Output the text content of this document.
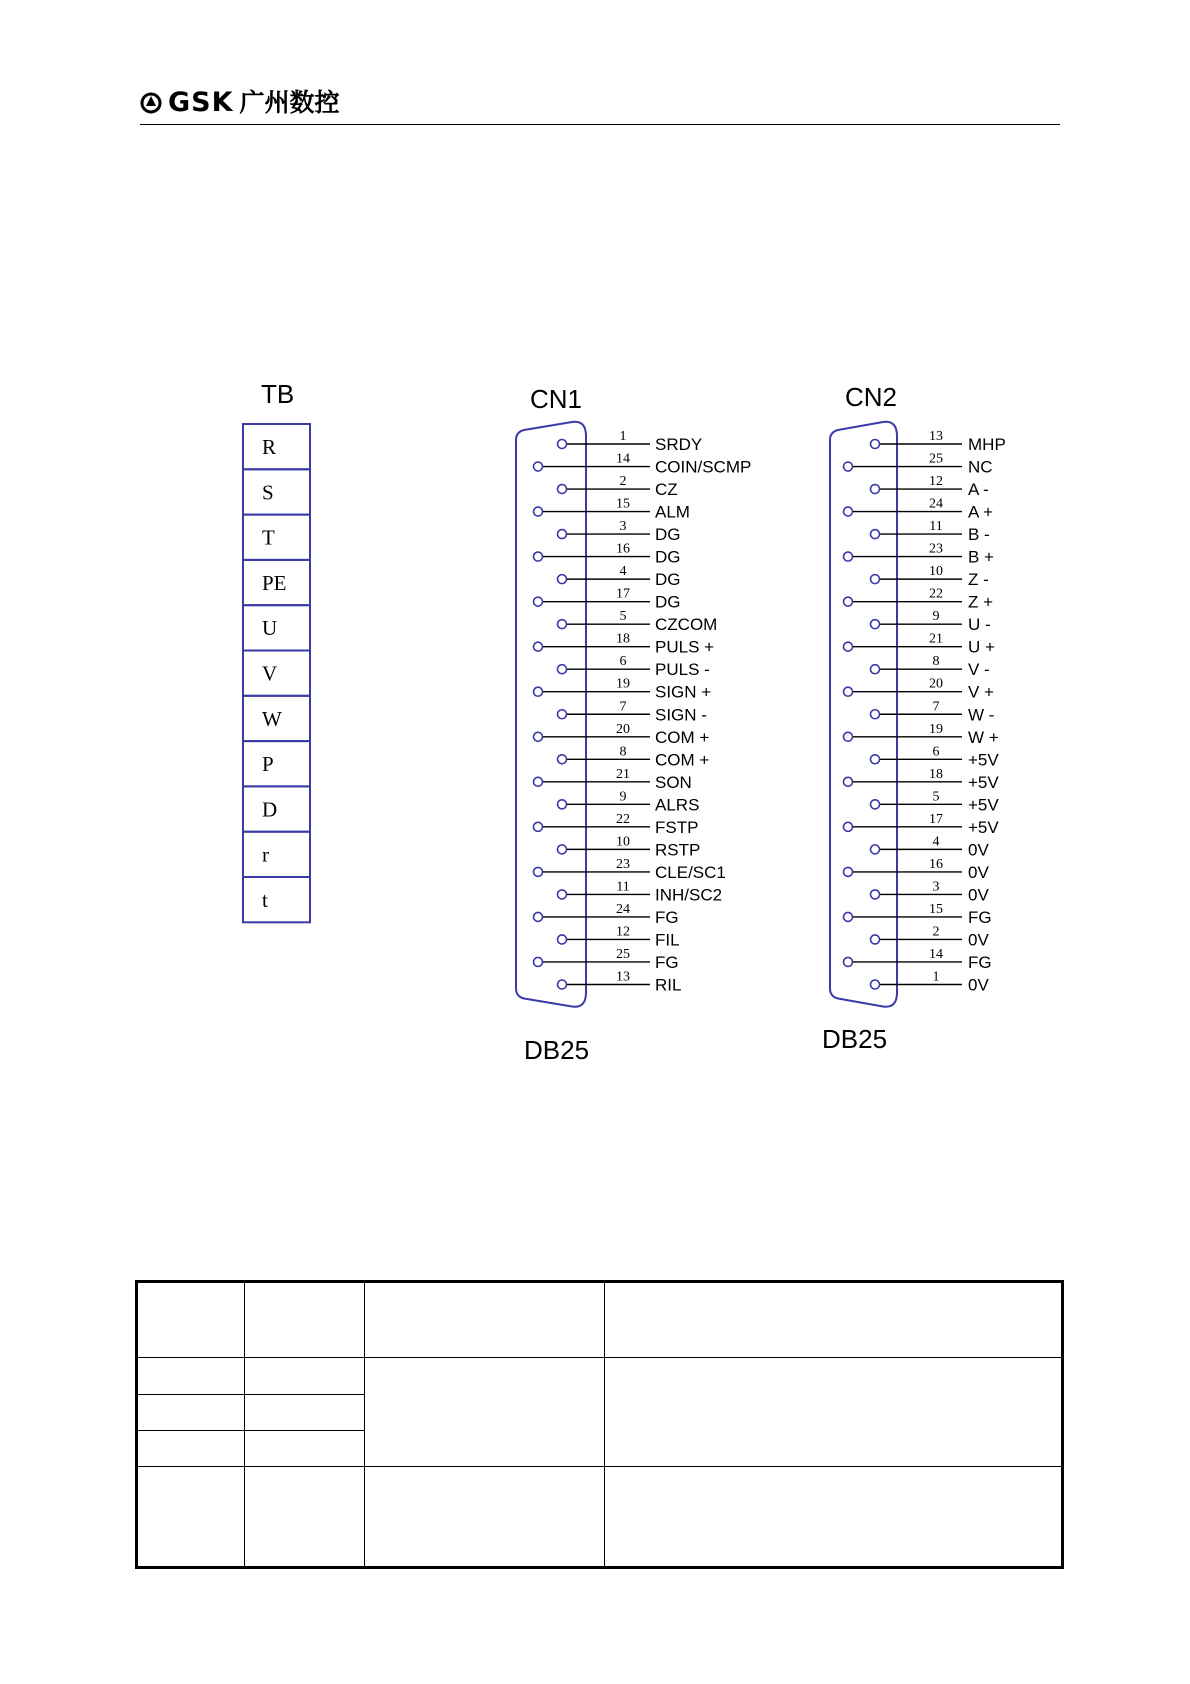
GSK 广州数控
TB
R
S
T
PE
U
V
W
P
D
r
t
CN1
DB25
1 SRDY
14 COIN/SCMP
2 CZ
15 ALM
3 DG
16 DG
4 DG
17 DG
5 CZCOM
18 PULS +
6 PULS -
19 SIGN +
7 SIGN -
20 COM +
8 COM +
21 SON
9 ALRS
22 FSTP
10 RSTP
23 CLE/SC1
11 INH/SC2
24 FG
12 FIL
25 FG
13 RIL
CN2
DB25
13 MHP
25 NC
12 A -
24 A +
11 B -
23 B +
10 Z -
22 Z +
9 U -
21 U +
8 V -
20 V +
7 W -
19 W +
6 +5V
18 +5V
5 +5V
17 +5V
4 0V
16 0V
3 0V
15 FG
2 0V
14 FG
1 0V
